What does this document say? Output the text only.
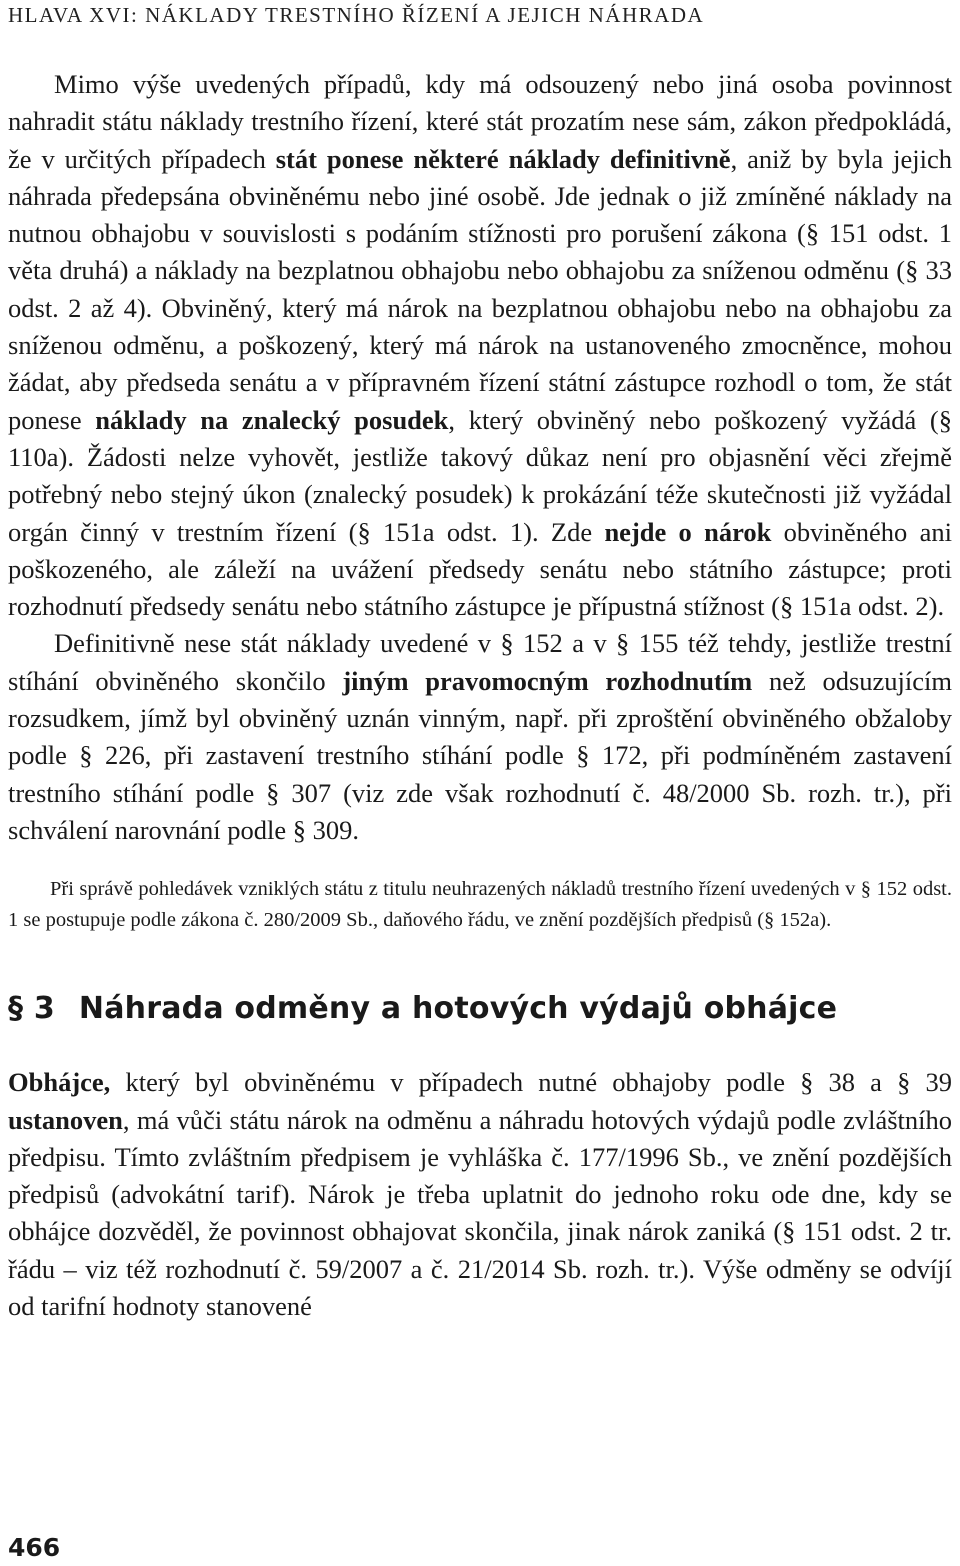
HLAVA XVI: NÁKLADY TRESTNÍHO ŘÍZENÍ A JEJICH NÁHRADA

Mimo výše uvedených případů, kdy má odsouzený nebo jiná osoba povinnost nahradit státu náklady trestního řízení, které stát prozatím nese sám, zákon předpokládá, že v určitých případech stát ponese některé náklady definitivně, aniž by byla jejich náhrada předepsána obviněnému nebo jiné osobě. Jde jednak o již zmíněné náklady na nutnou obhajobu v souvislosti s podáním stížnosti pro porušení zákona (§ 151 odst. 1 věta druhá) a náklady na bezplatnou obhajobu nebo obhajobu za sníženou odměnu (§ 33 odst. 2 až 4). Obviněný, který má nárok na bezplatnou obhajobu nebo na obhajobu za sníženou odměnu, a poškozený, který má nárok na ustanoveného zmocněnce, mohou žádat, aby předseda senátu a v přípravném řízení státní zástupce rozhodl o tom, že stát ponese náklady na znalecký posudek, který obviněný nebo poškozený vyžádá (§ 110a). Žádosti nelze vyhovět, jestliže takový důkaz není pro objasnění věci zřejmě potřebný nebo stejný úkon (znalecký posudek) k prokázání téže skutečnosti již vyžádal orgán činný v trestním řízení (§ 151a odst. 1). Zde nejde o nárok obviněného ani poškozeného, ale záleží na uvážení předsedy senátu nebo státního zástupce; proti rozhodnutí předsedy senátu nebo státního zástupce je přípustná stížnost (§ 151a odst. 2).

Definitivně nese stát náklady uvedené v § 152 a v § 155 též tehdy, jestliže trestní stíhání obviněného skončilo jiným pravomocným rozhodnutím než odsuzujícím rozsudkem, jímž byl obviněný uznán vinným, např. při zproštění obviněného obžaloby podle § 226, při zastavení trestního stíhání podle § 172, při podmíněném zastavení trestního stíhání podle § 307 (viz zde však rozhodnutí č. 48/2000 Sb. rozh. tr.), při schválení narovnání podle § 309.

Při správě pohledávek vzniklých státu z titulu neuhrazených nákladů trestního řízení uvedených v § 152 odst. 1 se postupuje podle zákona č. 280/2009 Sb., daňového řádu, ve znění pozdějších předpisů (§ 152a).

§ 3 Náhrada odměny a hotových výdajů obhájce

Obhájce, který byl obviněnému v případech nutné obhajoby podle § 38 a § 39 ustanoven, má vůči státu nárok na odměnu a náhradu hotových výdajů podle zvláštního předpisu. Tímto zvláštním předpisem je vyhláška č. 177/1996 Sb., ve znění pozdějších předpisů (advokátní tarif). Nárok je třeba uplatnit do jednoho roku ode dne, kdy se obhájce dozvěděl, že povinnost obhajovat skončila, jinak nárok zaniká (§ 151 odst. 2 tr. řádu – viz též rozhodnutí č. 59/2007 a č. 21/2014 Sb. rozh. tr.). Výše odměny se odvíjí od tarifní hodnoty stanovené

466
